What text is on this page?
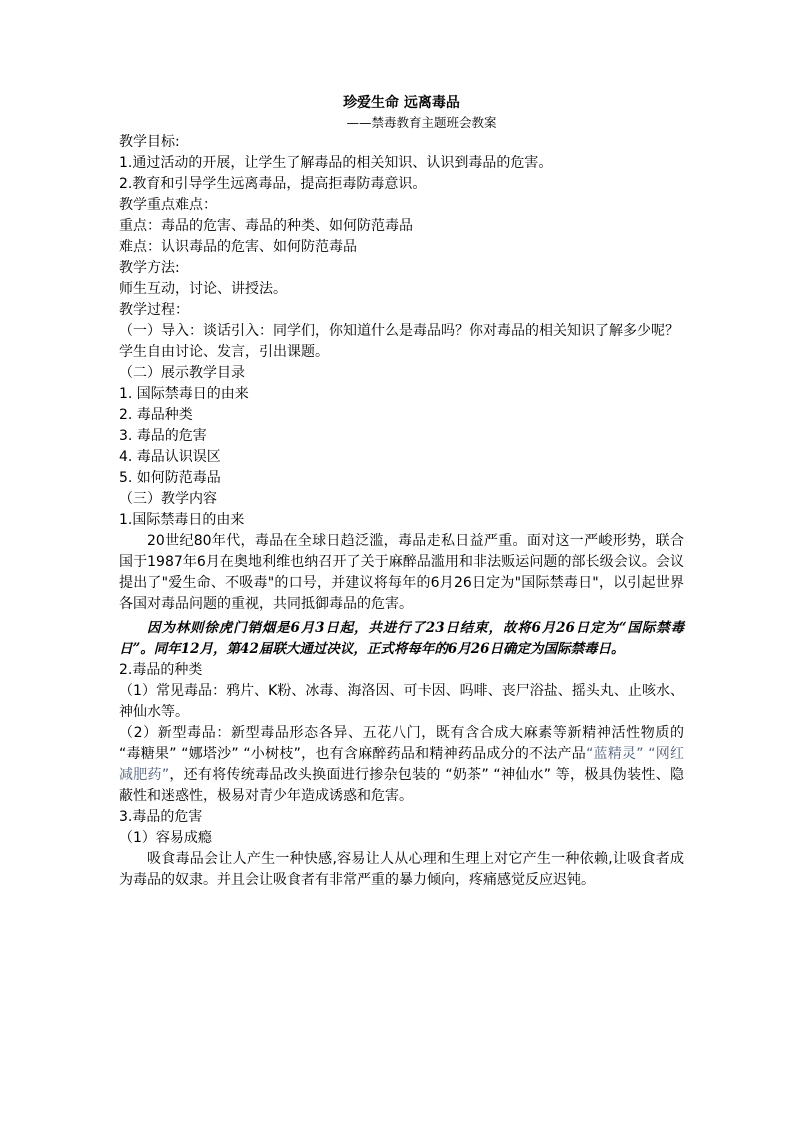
珍爱生命 远离毒品

——禁毒教育主题班会教案

教学目标:

1.通过活动的开展，让学生了解毒品的相关知识、认识到毒品的危害。

2.教育和引导学生远离毒品，提高拒毒防毒意识。

教学重点难点：

重点：毒品的危害、毒品的种类、如何防范毒品

难点：认识毒品的危害、如何防范毒品

教学方法:

师生互动，讨论、讲授法。

教学过程：

（一）导入：谈话引入：同学们，你知道什么是毒品吗？你对毒品的相关知识了解多少呢？

学生自由讨论、发言，引出课题。

（二）展示教学目录

1. 国际禁毒日的由来

2. 毒品种类

3. 毒品的危害

4. 毒品认识误区

5. 如何防范毒品

（三）教学内容

1.国际禁毒日的由来

20世纪80年代，毒品在全球日趋泛滥，毒品走私日益严重。面对这一严峻形势，联合国于1987年6月在奥地利维也纳召开了关于麻醉品滥用和非法贩运问题的部长级会议。会议提出了"爱生命、不吸毒"的口号，并建议将每年的6月26日定为"国际禁毒日"，以引起世界各国对毒品问题的重视，共同抵御毒品的危害。

因为林则徐虎门销烟是6月3日起，共进行了23日结束，故将6月26日定为“国际禁毒日”。同年12月，第42届联大通过决议，正式将每年的6月26日确定为国际禁毒日。

2.毒品的种类

（1）常见毒品：鸦片、K粉、冰毒、海洛因、可卡因、吗啡、丧尸浴盐、摇头丸、止咳水、神仙水等。

（2）新型毒品：新型毒品形态各异、五花八门，既有含合成大麻素等新精神活性物质的 “毒糖果” “娜塔沙” “小树枝”，也有含麻醉药品和精神药品成分的不法产品“蓝精灵” “网红减肥药”，还有将传统毒品改头换面进行掺杂包装的 “奶茶” “神仙水” 等，极具伪装性、隐蔽性和迷惑性，极易对青少年造成诱惑和危害。

3.毒品的危害

（1）容易成瘾

吸食毒品会让人产生一种快感,容易让人从心理和生理上对它产生一种依赖,让吸食者成为毒品的奴隶。并且会让吸食者有非常严重的暴力倾向，疼痛感觉反应迟钝。
